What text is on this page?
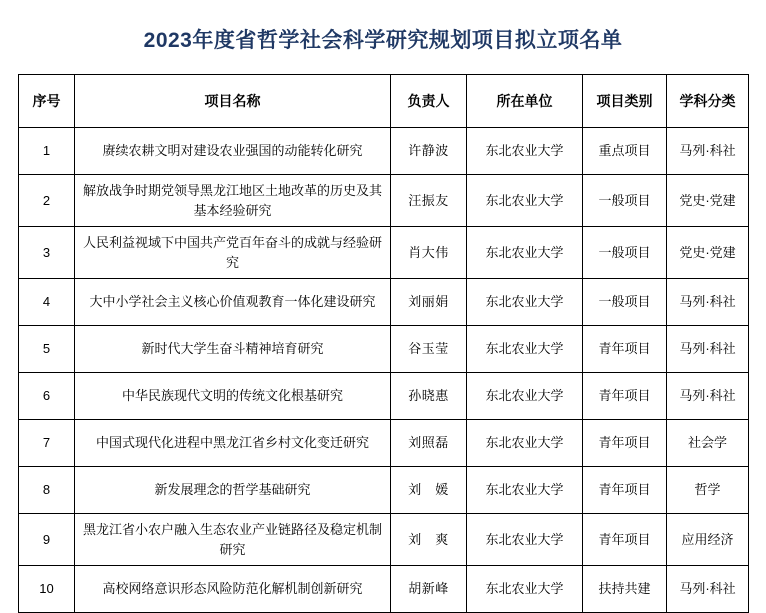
2023年度省哲学社会科学研究规划项目拟立项名单
序号	项目名称	负责人	所在单位	项目类别	学科分类
1	赓续农耕文明对建设农业强国的动能转化研究	许静波	东北农业大学	重点项目	马列·科社
2	解放战争时期党领导黑龙江地区土地改革的历史及其基本经验研究	汪振友	东北农业大学	一般项目	党史·党建
3	人民利益视域下中国共产党百年奋斗的成就与经验研究	肖大伟	东北农业大学	一般项目	党史·党建
4	大中小学社会主义核心价值观教育一体化建设研究	刘丽娟	东北农业大学	一般项目	马列·科社
5	新时代大学生奋斗精神培育研究	谷玉莹	东北农业大学	青年项目	马列·科社
6	中华民族现代文明的传统文化根基研究	孙晓惠	东北农业大学	青年项目	马列·科社
7	中国式现代化进程中黑龙江省乡村文化变迁研究	刘照磊	东北农业大学	青年项目	社会学
8	新发展理念的哲学基础研究	刘　媛	东北农业大学	青年项目	哲学
9	黑龙江省小农户融入生态农业产业链路径及稳定机制研究	刘　爽	东北农业大学	青年项目	应用经济
10	高校网络意识形态风险防范化解机制创新研究	胡新峰	东北农业大学	扶持共建	马列·科社
